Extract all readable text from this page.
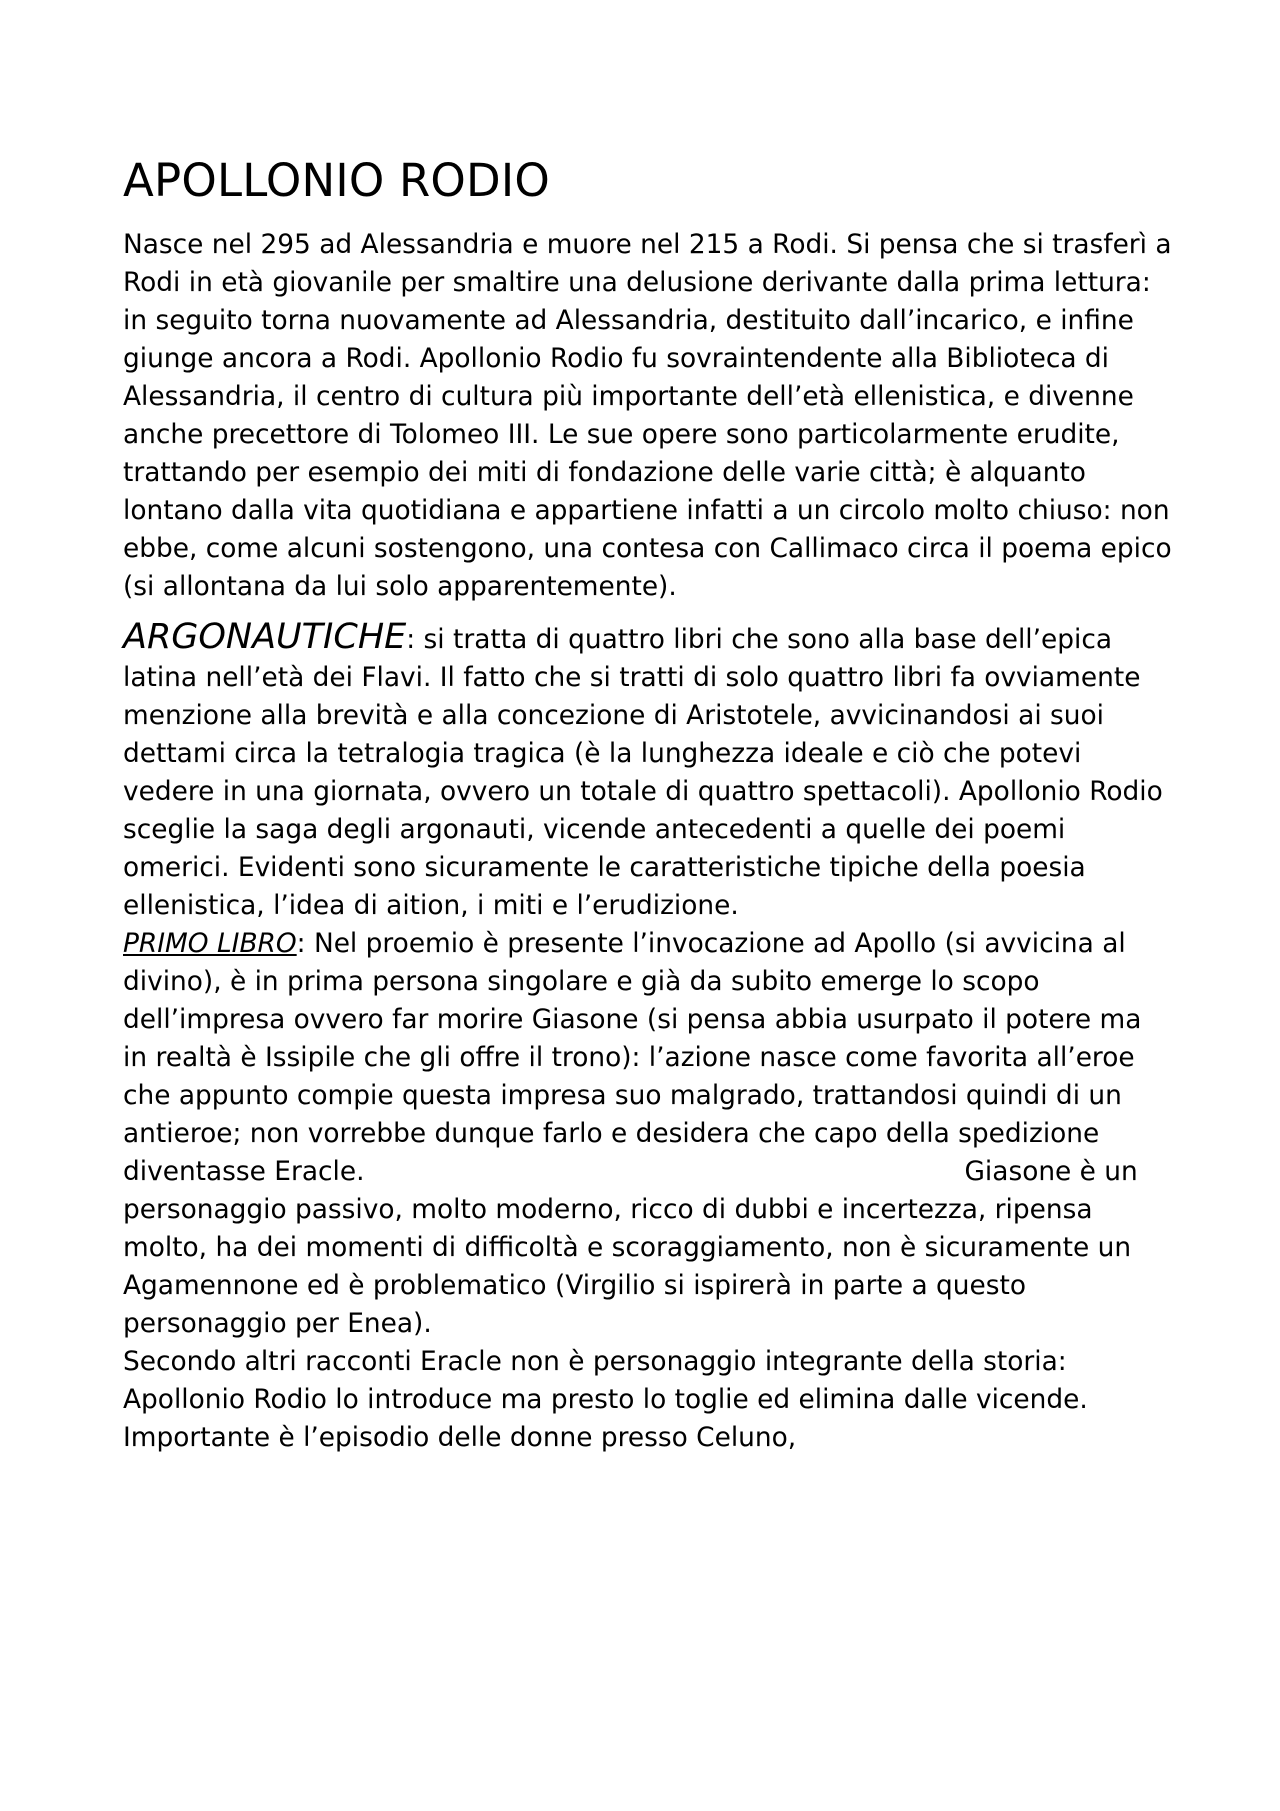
APOLLONIO RODIO

Nasce nel 295 ad Alessandria e muore nel 215 a Rodi. Si pensa che si trasferì a Rodi in età giovanile per smaltire una delusione derivante dalla prima lettura: in seguito torna nuovamente ad Alessandria, destituito dall’incarico, e infine giunge ancora a Rodi. Apollonio Rodio fu sovraintendente alla Biblioteca di Alessandria, il centro di cultura più importante dell’età ellenistica, e divenne anche precettore di Tolomeo III. Le sue opere sono particolarmente erudite, trattando per esempio dei miti di fondazione delle varie città; è alquanto lontano dalla vita quotidiana e appartiene infatti a un circolo molto chiuso: non ebbe, come alcuni sostengono, una contesa con Callimaco circa il poema epico (si allontana da lui solo apparentemente).

ARGONAUTICHE: si tratta di quattro libri che sono alla base dell’epica latina nell’età dei Flavi. Il fatto che si tratti di solo quattro libri fa ovviamente menzione alla brevità e alla concezione di Aristotele, avvicinandosi ai suoi dettami circa la tetralogia tragica (è la lunghezza ideale e ciò che potevi vedere in una giornata, ovvero un totale di quattro spettacoli). Apollonio Rodio sceglie la saga degli argonauti, vicende antecedenti a quelle dei poemi omerici. Evidenti sono sicuramente le caratteristiche tipiche della poesia ellenistica, l’idea di aition, i miti e l’erudizione.

PRIMO LIBRO: Nel proemio è presente l’invocazione ad Apollo (si avvicina al divino), è in prima persona singolare e già da subito emerge lo scopo dell’impresa ovvero far morire Giasone (si pensa abbia usurpato il potere ma in realtà è Issipile che gli offre il trono): l’azione nasce come favorita all’eroe che appunto compie questa impresa suo malgrado, trattandosi quindi di un antieroe; non vorrebbe dunque farlo e desidera che capo della spedizione diventasse Eracle.	Giasone è un personaggio passivo, molto moderno, ricco di dubbi e incertezza, ripensa molto, ha dei momenti di difficoltà e scoraggiamento, non è sicuramente un Agamennone ed è problematico (Virgilio si ispirerà in parte a questo personaggio per Enea).

Secondo altri racconti Eracle non è personaggio integrante della storia: Apollonio Rodio lo introduce ma presto lo toglie ed elimina dalle vicende. Importante è l’episodio delle donne presso Celuno,
